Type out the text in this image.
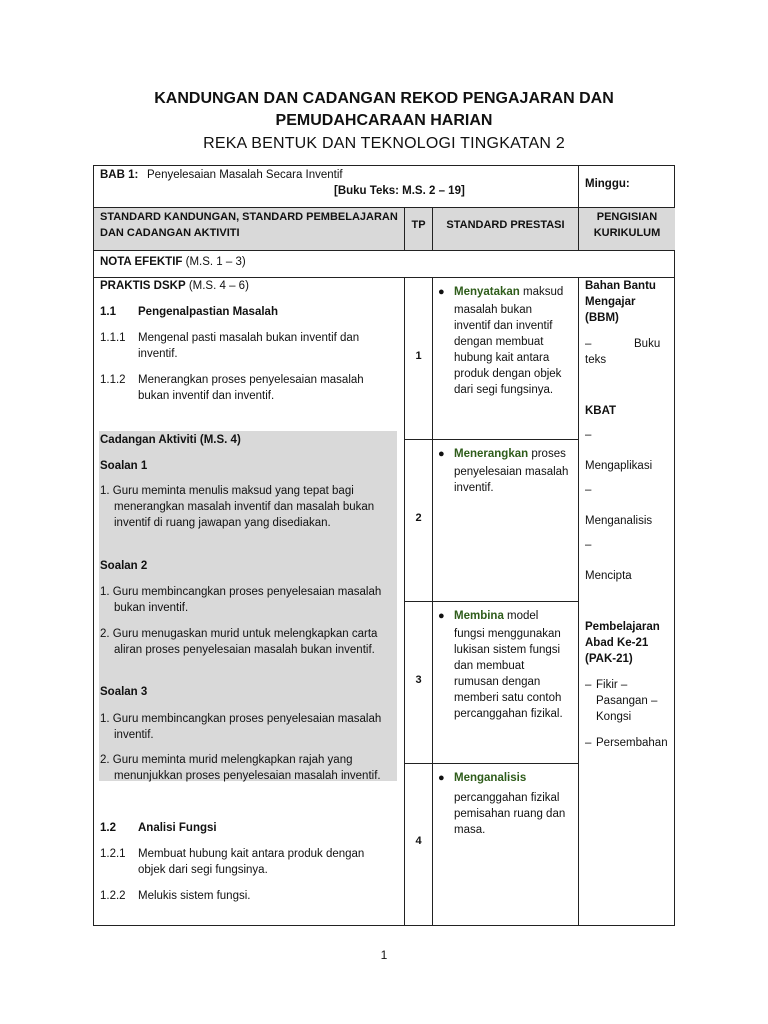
KANDUNGAN DAN CADANGAN REKOD PENGAJARAN DAN

PEMUDAHCARAAN HARIAN

REKA BENTUK DAN TEKNOLOGI TINGKATAN 2

BAB 1: Penyelesaian Masalah Secara Inventif
[Buku Teks: M.S. 2 – 19]
Minggu:
STANDARD KANDUNGAN, STANDARD PEMBELAJARAN
DAN CADANGAN AKTIVITI
TP	STANDARD PRESTASI
PENGISIAN
KURIKULUM
NOTA EFEKTIF (M.S. 1 – 3)
PRAKTIS DSKP (M.S. 4 – 6)
1.1 Pengenalpastian Masalah
1.1.1 Mengenal pasti masalah bukan inventif dan
inventif.
1.1.2 Menerangkan proses penyelesaian masalah
bukan inventif dan inventif.
Cadangan Aktiviti (M.S. 4)
Soalan 1
1. Guru meminta menulis maksud yang tepat bagi
menerangkan masalah inventif dan masalah bukan
inventif di ruang jawapan yang disediakan.
Soalan 2
1. Guru membincangkan proses penyelesaian masalah
bukan inventif.
2. Guru menugaskan murid untuk melengkapkan carta
aliran proses penyelesaian masalah bukan inventif.
Soalan 3
1. Guru membincangkan proses penyelesaian masalah
inventif.
2. Guru meminta murid melengkapkan rajah yang
menunjukkan proses penyelesaian masalah inventif.
1.2 Analisi Fungsi
1.2.1 Membuat hubung kait antara produk dengan
objek dari segi fungsinya.
1.2.2 Melukis sistem fungsi.
1
2
3
4
● Menyatakan maksud
masalah bukan
inventif dan inventif
dengan membuat
hubung kait antara
produk dengan objek
dari segi fungsinya.
● Menerangkan proses
penyelesaian masalah
inventif.
● Membina model
fungsi menggunakan
lukisan sistem fungsi
dan membuat
rumusan dengan
memberi satu contoh
percanggahan fizikal.
● Menganalisis
percanggahan fizikal
pemisahan ruang dan
masa.
Bahan Bantu
Mengajar
(BBM)
–	Buku
teks
KBAT
–
Mengaplikasi
–
Menganalisis
–
Mencipta
Pembelajaran
Abad Ke-21
(PAK-21)
– Fikir –
Pasangan –
Kongsi
– Persembahan
1
